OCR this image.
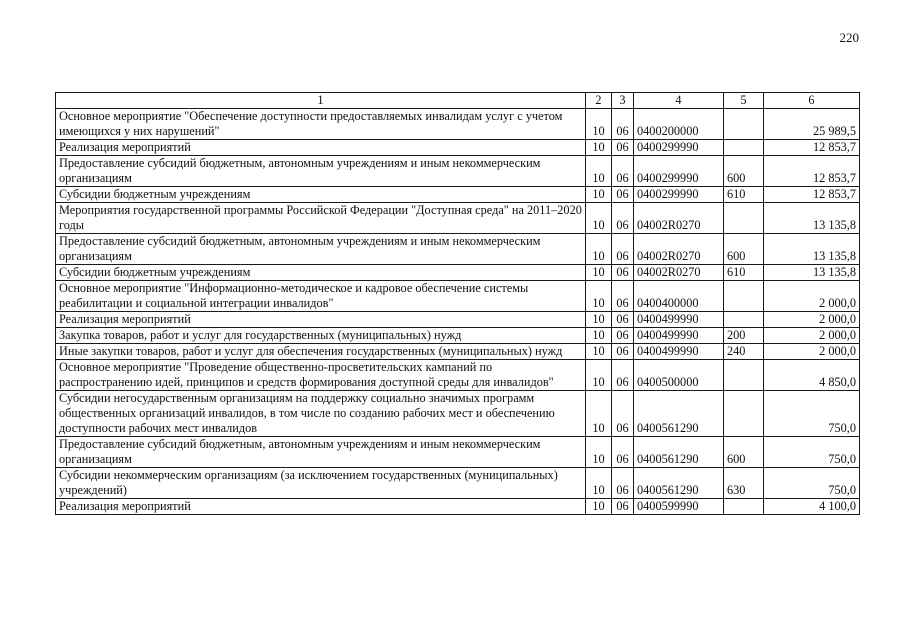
220
1	2	3	4	5	6
Основное мероприятие "Обеспечение доступности предоставляемых инвалидам услуг с учетом имеющихся у них нарушений"	10	06	0400200000		25 989,5
Реализация мероприятий	10	06	0400299990		12 853,7
Предоставление субсидий бюджетным, автономным учреждениям и иным некоммерческим организациям	10	06	0400299990	600	12 853,7
Субсидии бюджетным учреждениям	10	06	0400299990	610	12 853,7
Мероприятия государственной программы Российской Федерации "Доступная среда" на 2011–2020 годы	10	06	04002R0270		13 135,8
Предоставление субсидий бюджетным, автономным учреждениям и иным некоммерческим организациям	10	06	04002R0270	600	13 135,8
Субсидии бюджетным учреждениям	10	06	04002R0270	610	13 135,8
Основное мероприятие "Информационно-методическое и кадровое обеспечение системы реабилитации и социальной интеграции инвалидов"	10	06	0400400000		2 000,0
Реализация мероприятий	10	06	0400499990		2 000,0
Закупка товаров, работ и услуг для государственных (муниципальных) нужд	10	06	0400499990	200	2 000,0
Иные закупки товаров, работ и услуг для обеспечения государственных (муниципальных) нужд	10	06	0400499990	240	2 000,0
Основное мероприятие "Проведение общественно-просветительских кампаний по распространению идей, принципов и средств формирования доступной среды для инвалидов"	10	06	0400500000		4 850,0
Субсидии негосударственным организациям на поддержку социально значимых программ общественных организаций инвалидов, в том числе по созданию рабочих мест и обеспечению доступности рабочих мест инвалидов	10	06	0400561290		750,0
Предоставление субсидий бюджетным, автономным учреждениям и иным некоммерческим организациям	10	06	0400561290	600	750,0
Субсидии некоммерческим организациям (за исключением государственных (муниципальных) учреждений)	10	06	0400561290	630	750,0
Реализация мероприятий	10	06	0400599990		4 100,0
